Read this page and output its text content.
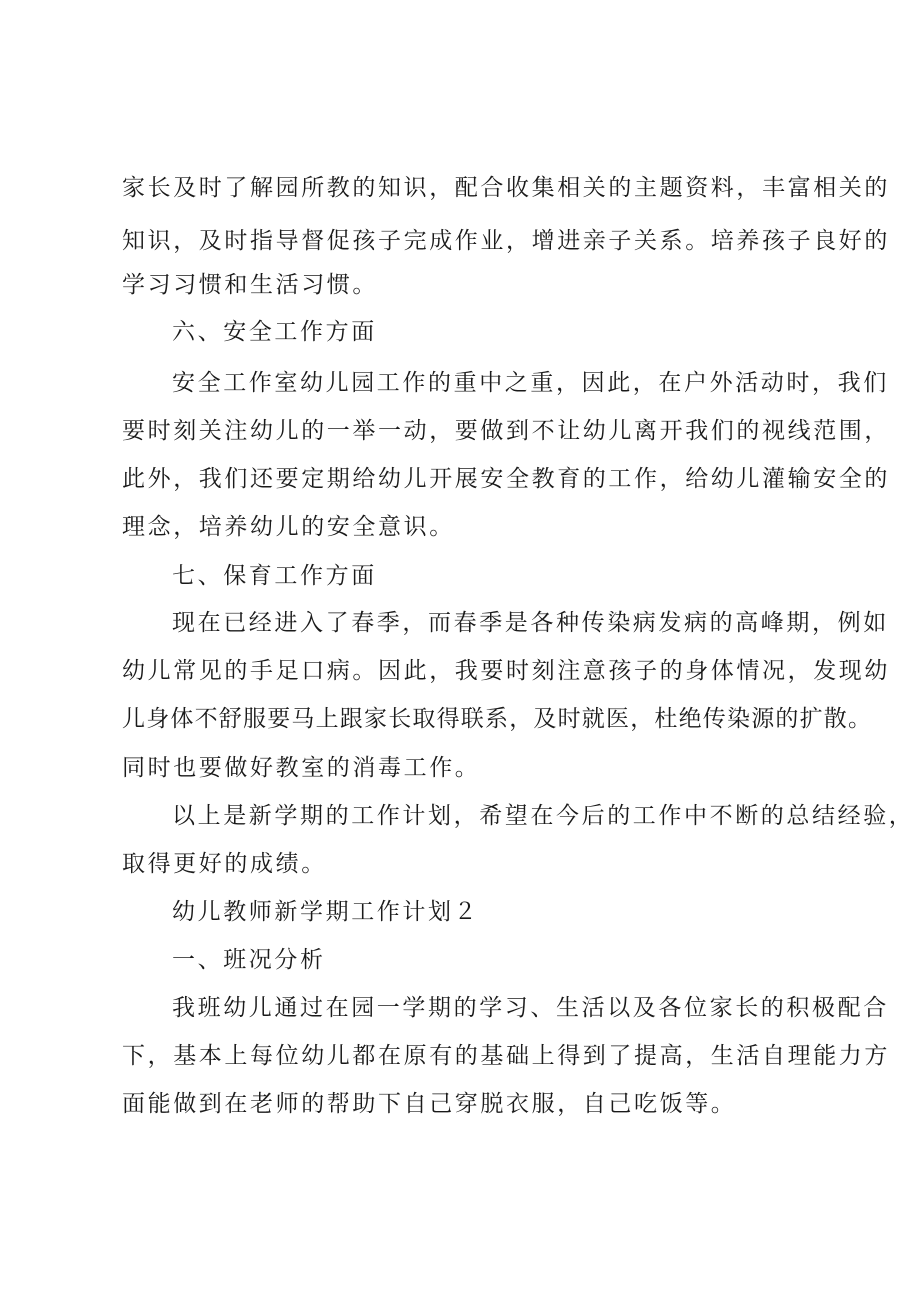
家长及时了解园所教的知识，配合收集相关的主题资料，丰富相关的

知识，及时指导督促孩子完成作业，增进亲子关系。培养孩子良好的

学习习惯和生活习惯。

六、安全工作方面

安全工作室幼儿园工作的重中之重，因此，在户外活动时，我们

要时刻关注幼儿的一举一动，要做到不让幼儿离开我们的视线范围，

此外，我们还要定期给幼儿开展安全教育的工作，给幼儿灌输安全的

理念，培养幼儿的安全意识。

七、保育工作方面

现在已经进入了春季，而春季是各种传染病发病的高峰期，例如

幼儿常见的手足口病。因此，我要时刻注意孩子的身体情况，发现幼

儿身体不舒服要马上跟家长取得联系，及时就医，杜绝传染源的扩散。

同时也要做好教室的消毒工作。

以上是新学期的工作计划，希望在今后的工作中不断的总结经验，

取得更好的成绩。

幼儿教师新学期工作计划２

一、班况分析

我班幼儿通过在园一学期的学习、生活以及各位家长的积极配合

下，基本上每位幼儿都在原有的基础上得到了提高，生活自理能力方

面能做到在老师的帮助下自己穿脱衣服，自己吃饭等。
